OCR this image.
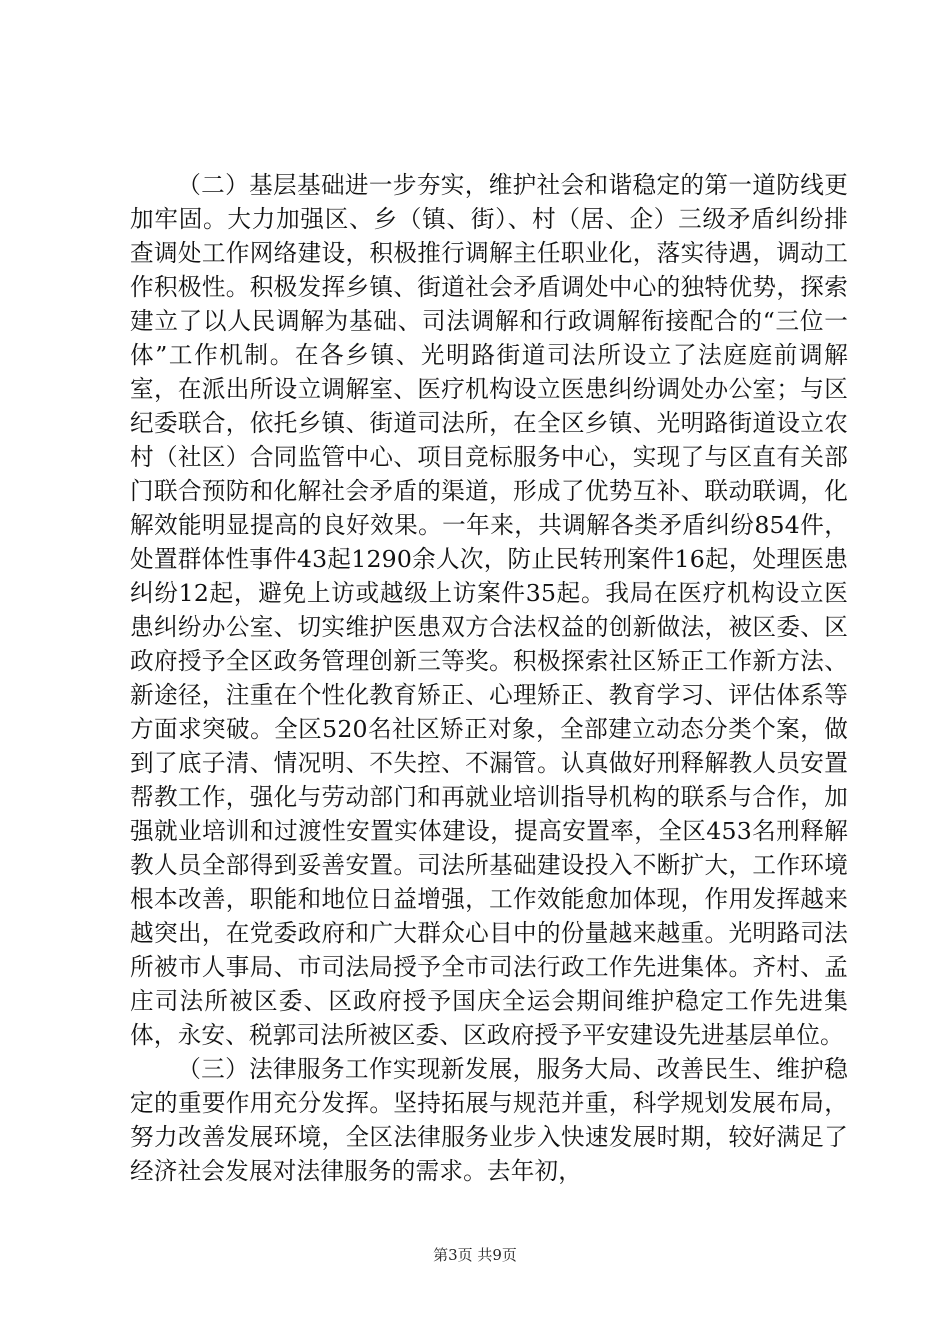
（二）基层基础进一步夯实，维护社会和谐稳定的第一道防线更加牢固。大力加强区、乡（镇、街）、村（居、企）三级矛盾纠纷排查调处工作网络建设，积极推行调解主任职业化，落实待遇，调动工作积极性。积极发挥乡镇、街道社会矛盾调处中心的独特优势，探索建立了以人民调解为基础、司法调解和行政调解衔接配合的“三位一体”工作机制。在各乡镇、光明路街道司法所设立了法庭庭前调解室，在派出所设立调解室、医疗机构设立医患纠纷调处办公室；与区纪委联合，依托乡镇、街道司法所，在全区乡镇、光明路街道设立农村（社区）合同监管中心、项目竞标服务中心，实现了与区直有关部门联合预防和化解社会矛盾的渠道，形成了优势互补、联动联调，化解效能明显提高的良好效果。一年来，共调解各类矛盾纠纷854件，处置群体性事件43起1290余人次，防止民转刑案件16起，处理医患纠纷12起，避免上访或越级上访案件35起。我局在医疗机构设立医患纠纷办公室、切实维护医患双方合法权益的创新做法，被区委、区政府授予全区政务管理创新三等奖。积极探索社区矫正工作新方法、新途径，注重在个性化教育矫正、心理矫正、教育学习、评估体系等方面求突破。全区520名社区矫正对象，全部建立动态分类个案，做到了底子清、情况明、不失控、不漏管。认真做好刑释解教人员安置帮教工作，强化与劳动部门和再就业培训指导机构的联系与合作，加强就业培训和过渡性安置实体建设，提高安置率，全区453名刑释解教人员全部得到妥善安置。司法所基础建设投入不断扩大，工作环境根本改善，职能和地位日益增强，工作效能愈加体现，作用发挥越来越突出，在党委政府和广大群众心目中的份量越来越重。光明路司法所被市人事局、市司法局授予全市司法行政工作先进集体。齐村、孟庄司法所被区委、区政府授予国庆全运会期间维护稳定工作先进集体，永安、税郭司法所被区委、区政府授予平安建设先进基层单位。

（三）法律服务工作实现新发展，服务大局、改善民生、维护稳定的重要作用充分发挥。坚持拓展与规范并重，科学规划发展布局，努力改善发展环境，全区法律服务业步入快速发展时期，较好满足了经济社会发展对法律服务的需求。去年初，

第3页 共9页
